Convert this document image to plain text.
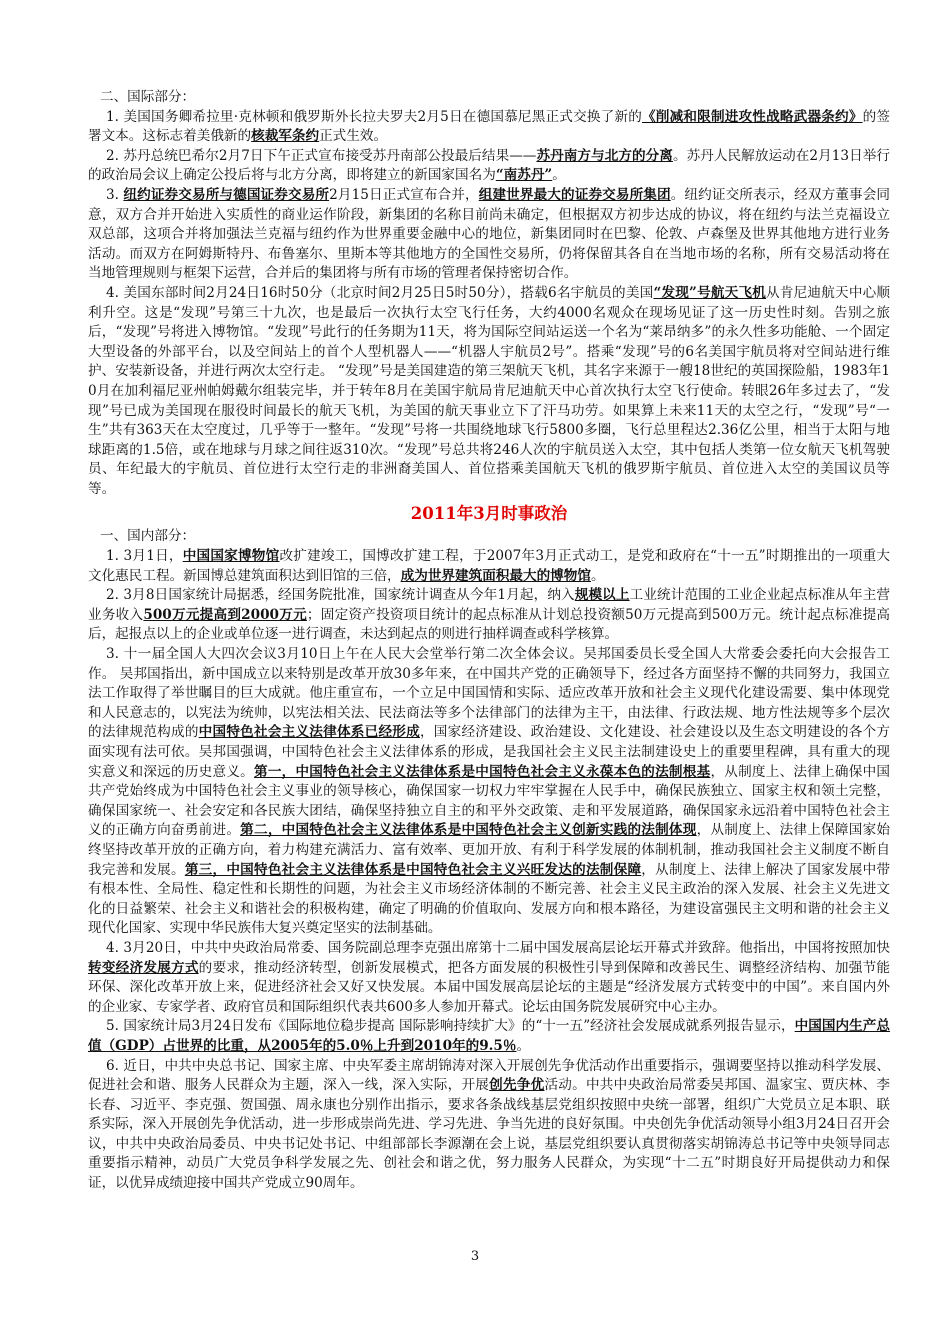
二、国际部分：

1. 美国国务卿希拉里·克林顿和俄罗斯外长拉夫罗夫2月5日在德国慕尼黑正式交换了新的《削减和限制进攻性战略武器条约》的签署文本。这标志着美俄新的核裁军条约正式生效。

2. 苏丹总统巴希尔2月7日下午正式宣布接受苏丹南部公投最后结果——苏丹南方与北方的分离。苏丹人民解放运动在2月13日举行的政治局会议上确定公投后将与北方分离，即将建立的新国家国名为“南苏丹”。

3. 纽约证券交易所与德国证券交易所2月15日正式宣布合并，组建世界最大的证券交易所集团。纽约证交所表示，经双方董事会同意，双方合并开始进入实质性的商业运作阶段，新集团的名称目前尚未确定，但根据双方初步达成的协议，将在纽约与法兰克福设立双总部，这项合并将加强法兰克福与纽约作为世界重要金融中心的地位，新集团同时在巴黎、伦敦、卢森堡及世界其他地方进行业务活动。而双方在阿姆斯特丹、布鲁塞尔、里斯本等其他地方的全国性交易所，仍将保留其各自在当地市场的名称，所有交易活动将在当地管理规则与框架下运营，合并后的集团将与所有市场的管理者保持密切合作。

4. 美国东部时间2月24日16时50分（北京时间2月25日5时50分），搭载6名宇航员的美国“发现”号航天飞机从肯尼迪航天中心顺利升空。这是“发现”号第三十九次，也是最后一次执行太空飞行任务，大约4000名观众在现场见证了这一历史性时刻。告别之旅后，“发现”号将进入博物馆。“发现”号此行的任务期为11天，将为国际空间站运送一个名为“莱昂纳多”的永久性多功能舱、一个固定大型设备的外部平台，以及空间站上的首个人型机器人——“机器人宇航员2号”。搭乘“发现”号的6名美国宇航员将对空间站进行维护、安装新设备，并进行两次太空行走。 “发现”号是美国建造的第三架航天飞机，其名字来源于一艘18世纪的英国探险船，1983年10月在加利福尼亚州帕姆戴尔组装完毕，并于转年8月在美国宇航局肯尼迪航天中心首次执行太空飞行使命。转眼26年多过去了，“发现”号已成为美国现在服役时间最长的航天飞机，为美国的航天事业立下了汗马功劳。如果算上未来11天的太空之行，“发现”号“一生”共有363天在太空度过，几乎等于一整年。“发现”号将一共围绕地球飞行5800多圈，飞行总里程达2.36亿公里，相当于太阳与地球距离的1.5倍，或在地球与月球之间往返310次。“发现”号总共将246人次的宇航员送入太空，其中包括人类第一位女航天飞机驾驶员、年纪最大的宇航员、首位进行太空行走的非洲裔美国人、首位搭乘美国航天飞机的俄罗斯宇航员、首位进入太空的美国议员等等。

2011年3月时事政治

一、国内部分：

1. 3月1日，中国国家博物馆改扩建竣工，国博改扩建工程，于2007年3月正式动工，是党和政府在“十一五”时期推出的一项重大文化惠民工程。新国博总建筑面积达到旧馆的三倍，成为世界建筑面积最大的博物馆。

2. 3月8日国家统计局据悉，经国务院批准，国家统计调查从今年1月起，纳入规模以上工业统计范围的工业企业起点标准从年主营业务收入500万元提高到2000万元；固定资产投资项目统计的起点标准从计划总投资额50万元提高到500万元。统计起点标准提高后，起报点以上的企业或单位逐一进行调查，未达到起点的则进行抽样调查或科学核算。

3. 十一届全国人大四次会议3月10日上午在人民大会堂举行第二次全体会议。吴邦国委员长受全国人大常委会委托向大会报告工作。 吴邦国指出，新中国成立以来特别是改革开放30多年来，在中国共产党的正确领导下，经过各方面坚持不懈的共同努力，我国立法工作取得了举世瞩目的巨大成就。他庄重宣布，一个立足中国国情和实际、适应改革开放和社会主义现代化建设需要、集中体现党和人民意志的，以宪法为统帅，以宪法相关法、民法商法等多个法律部门的法律为主干，由法律、行政法规、地方性法规等多个层次的法律规范构成的中国特色社会主义法律体系已经形成，国家经济建设、政治建设、文化建设、社会建设以及生态文明建设的各个方面实现有法可依。吴邦国强调，中国特色社会主义法律体系的形成，是我国社会主义民主法制建设史上的重要里程碑，具有重大的现实意义和深远的历史意义。第一，中国特色社会主义法律体系是中国特色社会主义永葆本色的法制根基，从制度上、法律上确保中国共产党始终成为中国特色社会主义事业的领导核心，确保国家一切权力牢牢掌握在人民手中，确保民族独立、国家主权和领土完整，确保国家统一、社会安定和各民族大团结，确保坚持独立自主的和平外交政策、走和平发展道路，确保国家永远沿着中国特色社会主义的正确方向奋勇前进。第二，中国特色社会主义法律体系是中国特色社会主义创新实践的法制体现，从制度上、法律上保障国家始终坚持改革开放的正确方向，着力构建充满活力、富有效率、更加开放、有利于科学发展的体制机制，推动我国社会主义制度不断自我完善和发展。第三，中国特色社会主义法律体系是中国特色社会主义兴旺发达的法制保障，从制度上、法律上解决了国家发展中带有根本性、全局性、稳定性和长期性的问题，为社会主义市场经济体制的不断完善、社会主义民主政治的深入发展、社会主义先进文化的日益繁荣、社会主义和谐社会的积极构建，确定了明确的价值取向、发展方向和根本路径，为建设富强民主文明和谐的社会主义现代化国家、实现中华民族伟大复兴奠定坚实的法制基础。

4. 3月20日，中共中央政治局常委、国务院副总理李克强出席第十二届中国发展高层论坛开幕式并致辞。他指出，中国将按照加快转变经济发展方式的要求，推动经济转型，创新发展模式，把各方面发展的积极性引导到保障和改善民生、调整经济结构、加强节能环保、深化改革开放上来，促进经济社会又好又快发展。本届中国发展高层论坛的主题是“经济发展方式转变中的中国”。来自国内外的企业家、专家学者、政府官员和国际组织代表共600多人参加开幕式。论坛由国务院发展研究中心主办。

5. 国家统计局3月24日发布《国际地位稳步提高 国际影响持续扩大》的“十一五”经济社会发展成就系列报告显示，中国国内生产总值（GDP）占世界的比重，从2005年的5.0％上升到2010年的9.5％。

6. 近日，中共中央总书记、国家主席、中央军委主席胡锦涛对深入开展创先争优活动作出重要指示，强调要坚持以推动科学发展、促进社会和谐、服务人民群众为主题，深入一线，深入实际，开展创先争优活动。中共中央政治局常委吴邦国、温家宝、贾庆林、李长春、习近平、李克强、贺国强、周永康也分别作出指示，要求各条战线基层党组织按照中央统一部署，组织广大党员立足本职、联系实际，深入开展创先争优活动，进一步形成崇尚先进、学习先进、争当先进的良好氛围。中央创先争优活动领导小组3月24日召开会议，中共中央政治局委员、中央书记处书记、中组部部长李源潮在会上说，基层党组织要认真贯彻落实胡锦涛总书记等中央领导同志重要指示精神，动员广大党员争科学发展之先、创社会和谐之优，努力服务人民群众，为实现“十二五”时期良好开局提供动力和保证，以优异成绩迎接中国共产党成立90周年。

3
